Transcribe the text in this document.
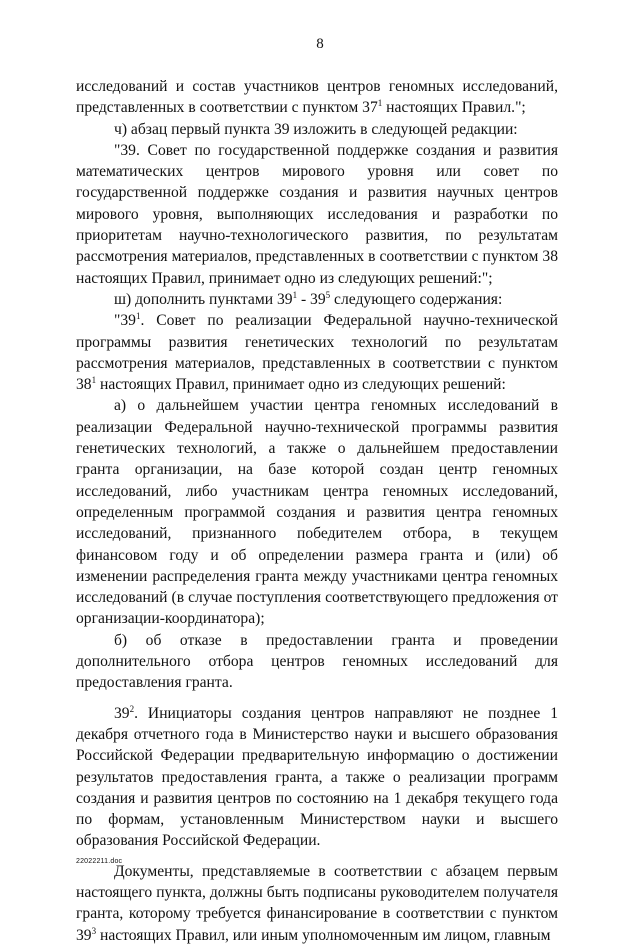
8

исследований и состав участников центров геномных исследований, представленных в соответствии с пунктом $37^1$ настоящих Правил.";

ч) абзац первый пункта 39 изложить в следующей редакции:

"39. Совет по государственной поддержке создания и развития математических центров мирового уровня или совет по государственной поддержке создания и развития научных центров мирового уровня, выполняющих исследования и разработки по приоритетам научно-технологического развития, по результатам рассмотрения материалов, представленных в соответствии с пунктом 38 настоящих Правил, принимает одно из следующих решений:";

ш) дополнить пунктами $39^1 - 39^5$ следующего содержания:

"$39^1$. Совет по реализации Федеральной научно-технической программы развития генетических технологий по результатам рассмотрения материалов, представленных в соответствии с пунктом $38^1$ настоящих Правил, принимает одно из следующих решений:

а) о дальнейшем участии центра геномных исследований в реализации Федеральной научно-технической программы развития генетических технологий, а также о дальнейшем предоставлении гранта организации, на базе которой создан центр геномных исследований, либо участникам центра геномных исследований, определенным программой создания и развития центра геномных исследований, признанного победителем отбора, в текущем финансовом году и об определении размера гранта и (или) об изменении распределения гранта между участниками центра геномных исследований (в случае поступления соответствующего предложения от организации-координатора);

б) об отказе в предоставлении гранта и проведении дополнительного отбора центров геномных исследований для предоставления гранта.

$39^2$. Инициаторы создания центров направляют не позднее 1 декабря отчетного года в Министерство науки и высшего образования Российской Федерации предварительную информацию о достижении результатов предоставления гранта, а также о реализации программ создания и развития центров по состоянию на 1 декабря текущего года по формам, установленным Министерством науки и высшего образования Российской Федерации.

Документы, представляемые в соответствии с абзацем первым настоящего пункта, должны быть подписаны руководителем получателя гранта, которому требуется финансирование в соответствии с пунктом $39^3$ настоящих Правил, или иным уполномоченным им лицом, главным

22022211.doc
